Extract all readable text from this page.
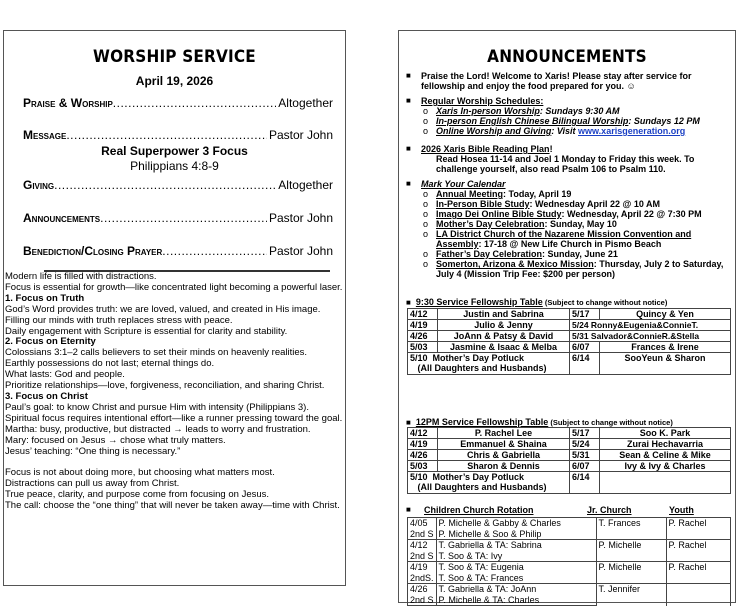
WORSHIP SERVICE
April 19, 2026
Praise & Worship .....	Altogether
Message .....	Pastor John
Real Superpower 3 Focus
Philippians 4:8-9
Giving .....	Altogether
Announcements .....	Pastor John
Benediction/Closing Prayer .....	Pastor John
Modern life is filled with distractions.
Focus is essential for growth—like concentrated light becoming a powerful laser.
1. Focus on Truth
God’s Word provides truth: we are loved, valued, and created in His image.
Filling our minds with truth replaces stress with peace.
Daily engagement with Scripture is essential for clarity and stability.
2. Focus on Eternity
Colossians 3:1–2 calls believers to set their minds on heavenly realities.
Earthly possessions do not last; eternal things do.
What lasts: God and people.
Prioritize relationships—love, forgiveness, reconciliation, and sharing Christ.
3. Focus on Christ
Paul’s goal: to know Christ and pursue Him with intensity (Philippians 3).
Spiritual focus requires intentional effort—like a runner pressing toward the goal.
Martha: busy, productive, but distracted → leads to worry and frustration.
Mary: focused on Jesus → chose what truly matters.
Jesus’ teaching: “One thing is necessary.”
Focus is not about doing more, but choosing what matters most.
Distractions can pull us away from Christ.
True peace, clarity, and purpose come from focusing on Jesus.
The call: choose the “one thing” that will never be taken away—time with Christ.
ANNOUNCEMENTS
■	Praise the Lord! Welcome to Xaris! Please stay after service for fellowship and enjoy the food prepared for you. ☺
■	Regular Worship Schedules:
o Xaris In-person Worship: Sundays 9:30 AM
o In-person English Chinese Bilingual Worship: Sundays 12 PM
o Online Worship and Giving: Visit www.xarisgeneration.org
■	2026 Xaris Bible Reading Plan!
Read Hosea 11-14 and Joel 1 Monday to Friday this week. To challenge yourself, also read Psalm 106 to Psalm 110.
■	Mark Your Calendar
o Annual Meeting: Today, April 19
o In-Person Bible Study: Wednesday April 22 @ 10 AM
o Imago Dei Online Bible Study: Wednesday, April 22 @ 7:30 PM
o Mother’s Day Celebration: Sunday, May 10
o LA District Church of the Nazarene Mission Convention and Assembly: 17-18 @ New Life Church in Pismo Beach
o Father’s Day Celebration: Sunday, June 21
o Somerton, Arizona & Mexico Mission: Thursday, July 2 to Saturday, July 4 (Mission Trip Fee: $200 per person)
■ 9:30 Service Fellowship Table (Subject to change without notice)
4/12	Justin and Sabrina	5/17	Quincy & Yen
4/19	Julio & Jenny	5/24 Ronny&Eugenia&ConnieT.	
4/26	JoAnn & Patsy & David	5/31 Salvador&ConnieR.&Stella	
5/03	Jasmine & Isaac & Melba	6/07	Frances & Irene
5/10 Mother’s Day Potluck
(All Daughters and Husbands)		6/14	SooYeun & Sharon
■ 12PM Service Fellowship Table (Subject to change without notice)
4/12	P. Rachel Lee	5/17	Soo K. Park
4/19	Emmanuel & Shaina	5/24	Zurai Hechavarria
4/26	Chris & Gabriella	5/31	Sean & Celine & Mike
5/03	Sharon & Dennis	6/07	Ivy & Ivy & Charles
5/10 Mother’s Day Potluck
(All Daughters and Husbands)		6/14	
■	Children Church Rotation	Jr. Church	Youth
4/05	P. Michelle & Gabby & Charles	T. Frances	P. Rachel
2nd S	P. Michelle & Soo & Philip		
4/12	T. Gabriella & TA: Sabrina	P. Michelle	P. Rachel
2nd S	T. Soo & TA: Ivy		
4/19	T. Soo & TA: Eugenia	P. Michelle	P. Rachel
2ndS.	T. Soo & TA: Frances		
4/26	T. Gabriella & TA: JoAnn	T. Jennifer	
2nd S	P. Michelle & TA: Charles		
